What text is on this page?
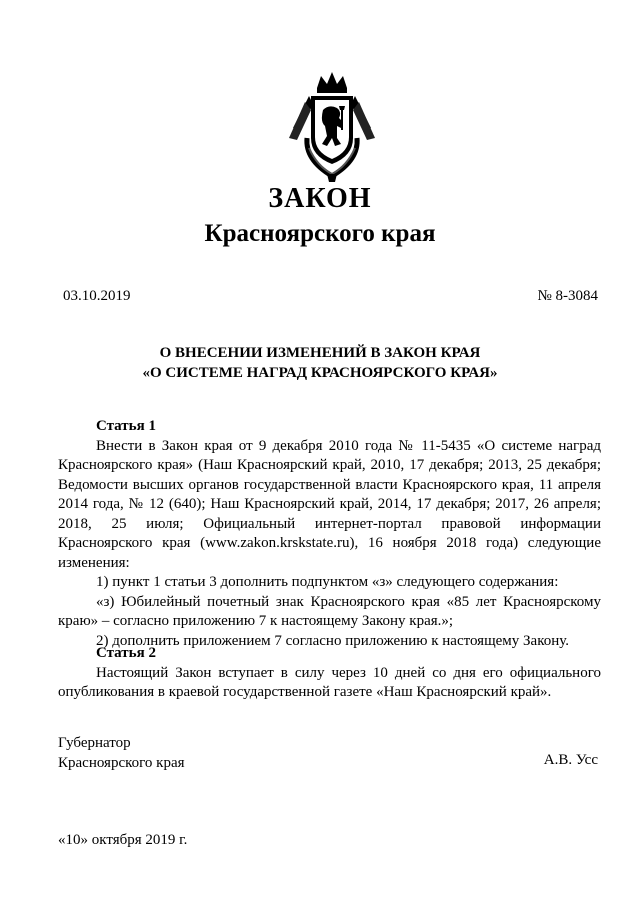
ЗАКОН
Красноярского края
03.10.2019	№ 8-3084
О ВНЕСЕНИИ ИЗМЕНЕНИЙ В ЗАКОН КРАЯ
«О СИСТЕМЕ НАГРАД КРАСНОЯРСКОГО КРАЯ»
Статья 1

Внести в Закон края от 9 декабря 2010 года № 11-5435 «О системе наград Красноярского края» (Наш Красноярский край, 2010, 17 декабря; 2013, 25 декабря; Ведомости высших органов государственной власти Красноярского края, 11 апреля 2014 года, № 12 (640); Наш Красноярский край, 2014, 17 декабря; 2017, 26 апреля; 2018, 25 июля; Официальный интернет-портал правовой информации Красноярского края (www.zakon.krskstate.ru), 16 ноября 2018 года) следующие изменения:

1) пункт 1 статьи 3 дополнить подпунктом «з» следующего содержания:

«з) Юбилейный почетный знак Красноярского края «85 лет Красноярскому краю» – согласно приложению 7 к настоящему Закону края.»;

2) дополнить приложением 7 согласно приложению к настоящему Закону.

Статья 2

Настоящий Закон вступает в силу через 10 дней со дня его официального опубликования в краевой государственной газете «Наш Красноярский край».

Губернатор
Красноярского края	А.В. Усс
«10» октября 2019 г.
